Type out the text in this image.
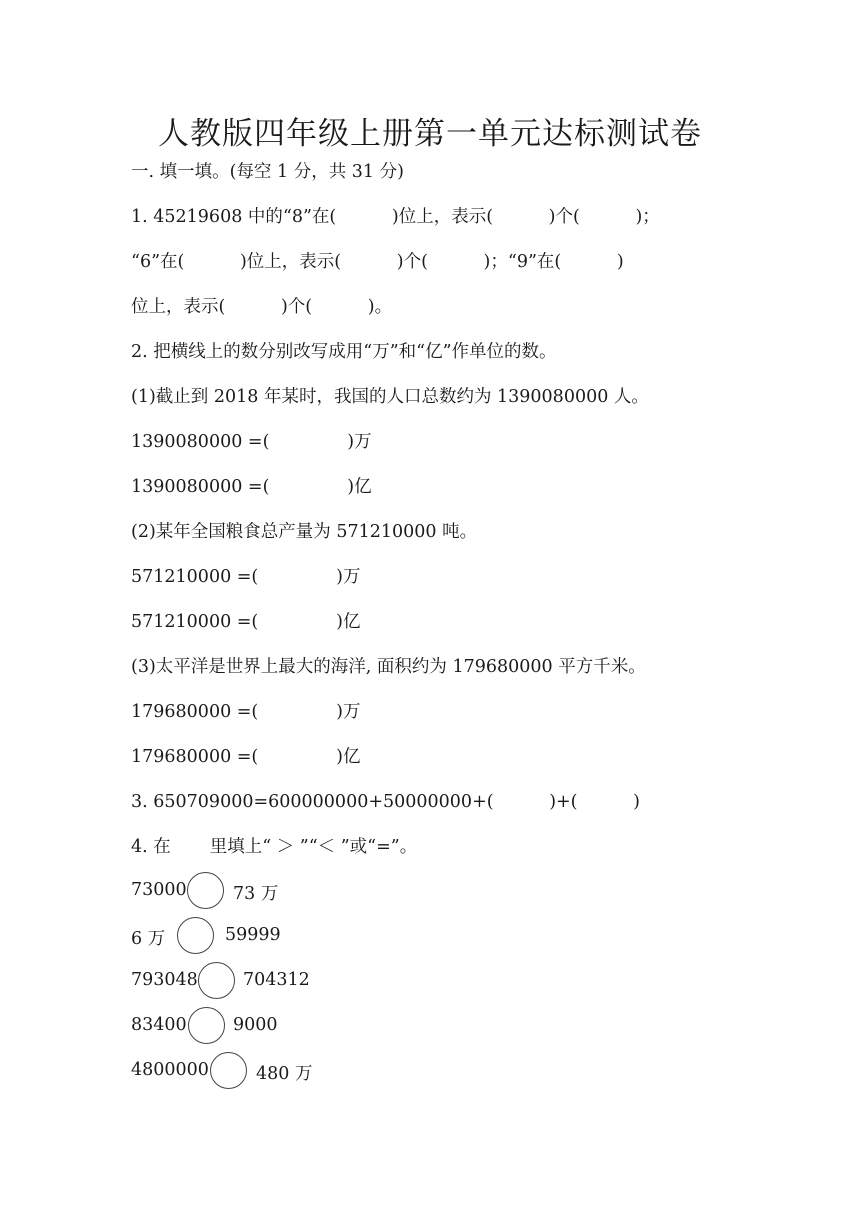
人教版四年级上册第一单元达标测试卷
一. 填一填。(每空 1 分，共 31 分)
1. 45219608 中的“8”在(          )位上，表示(          )个(          )；
“6”在(          )位上，表示(          )个(          )；“9”在(          )
位上，表示(          )个(          )。
2. 把横线上的数分别改写成用“万”和“亿”作单位的数。
(1)截止到 2018 年某时，我国的人口总数约为 1390080000 人。
1390080000 =(              )万
1390080000 =(              )亿
(2)某年全国粮食总产量为 571210000 吨。
571210000 =(              )万
571210000 =(              )亿
(3)太平洋是世界上最大的海洋, 面积约为 179680000 平方千米。
179680000 =(              )万
179680000 =(              )亿
3. 650709000=600000000+50000000+(          )+(          )
4. 在       里填上“ ＞ ”“＜ ”或“=”。
73000	73 万
6 万	59999
793048	704312
83400	9000
4800000	480 万
